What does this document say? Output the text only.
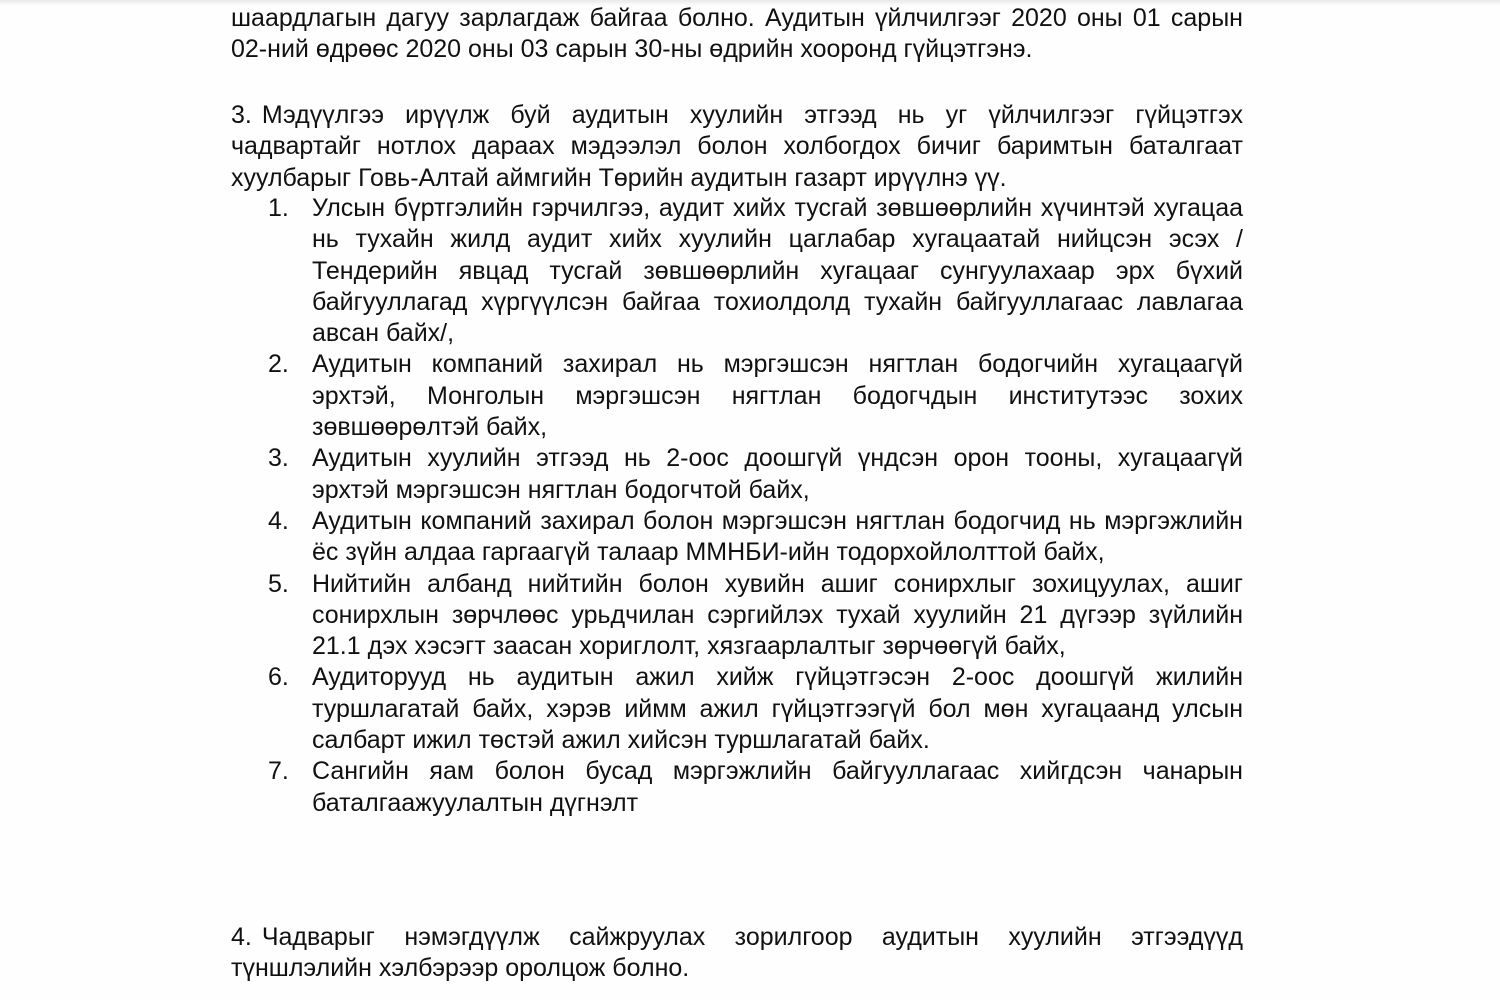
шаардлагын дагуу зарлагдаж байгаа болно. Аудитын үйлчилгээг 2020 оны 01 сарын 02-ний өдрөөс 2020 оны 03 сарын 30-ны өдрийн хооронд гүйцэтгэнэ.

3. Мэдүүлгээ ирүүлж буй аудитын хуулийн этгээд нь уг үйлчилгээг гүйцэтгэх чадвартайг нотлох дараах мэдээлэл болон холбогдох бичиг баримтын баталгаат хуулбарыг Говь-Алтай аймгийн Төрийн аудитын газарт ирүүлнэ үү.

1. Улсын бүртгэлийн гэрчилгээ, аудит хийх тусгай зөвшөөрлийн хүчинтэй хугацаа нь тухайн жилд аудит хийх хуулийн цаглабар хугацаатай нийцсэн эсэх /Тендерийн явцад тусгай зөвшөөрлийн хугацааг сунгуулахаар эрх бүхий байгууллагад хүргүүлсэн байгаа тохиолдолд тухайн байгууллагаас лавлагаа авсан байх/,
2. Аудитын компаний захирал нь мэргэшсэн нягтлан бодогчийн хугацаагүй эрхтэй, Монголын мэргэшсэн нягтлан бодогчдын институтээс зохих зөвшөөрөлтэй байх,
3. Аудитын хуулийн этгээд нь 2-оос доошгүй үндсэн орон тооны, хугацаагүй эрхтэй мэргэшсэн нягтлан бодогчтой байх,
4. Аудитын компаний захирал болон мэргэшсэн нягтлан бодогчид нь мэргэжлийн ёс зүйн алдаа гаргаагүй талаар ММНБИ-ийн тодорхойлолттой байх,
5. Нийтийн албанд нийтийн болон хувийн ашиг сонирхлыг зохицуулах, ашиг сонирхлын зөрчлөөс урьдчилан сэргийлэх тухай хуулийн 21 дүгээр зүйлийн 21.1 дэх хэсэгт заасан хориглолт, хязгаарлалтыг зөрчөөгүй байх,
6. Аудиторууд нь аудитын ажил хийж гүйцэтгэсэн 2-оос доошгүй жилийн туршлагатай байх, хэрэв иймм ажил гүйцэтгээгүй бол мөн хугацаанд улсын салбарт ижил төстэй ажил хийсэн туршлагатай байх.
7. Сангийн яам болон бусад мэргэжлийн байгууллагаас хийгдсэн чанарын баталгаажуулалтын дүгнэлт

4. Чадварыг нэмэгдүүлж сайжруулах зорилгоор аудитын хуулийн этгээдүүд түншлэлийн хэлбэрээр оролцож болно.
